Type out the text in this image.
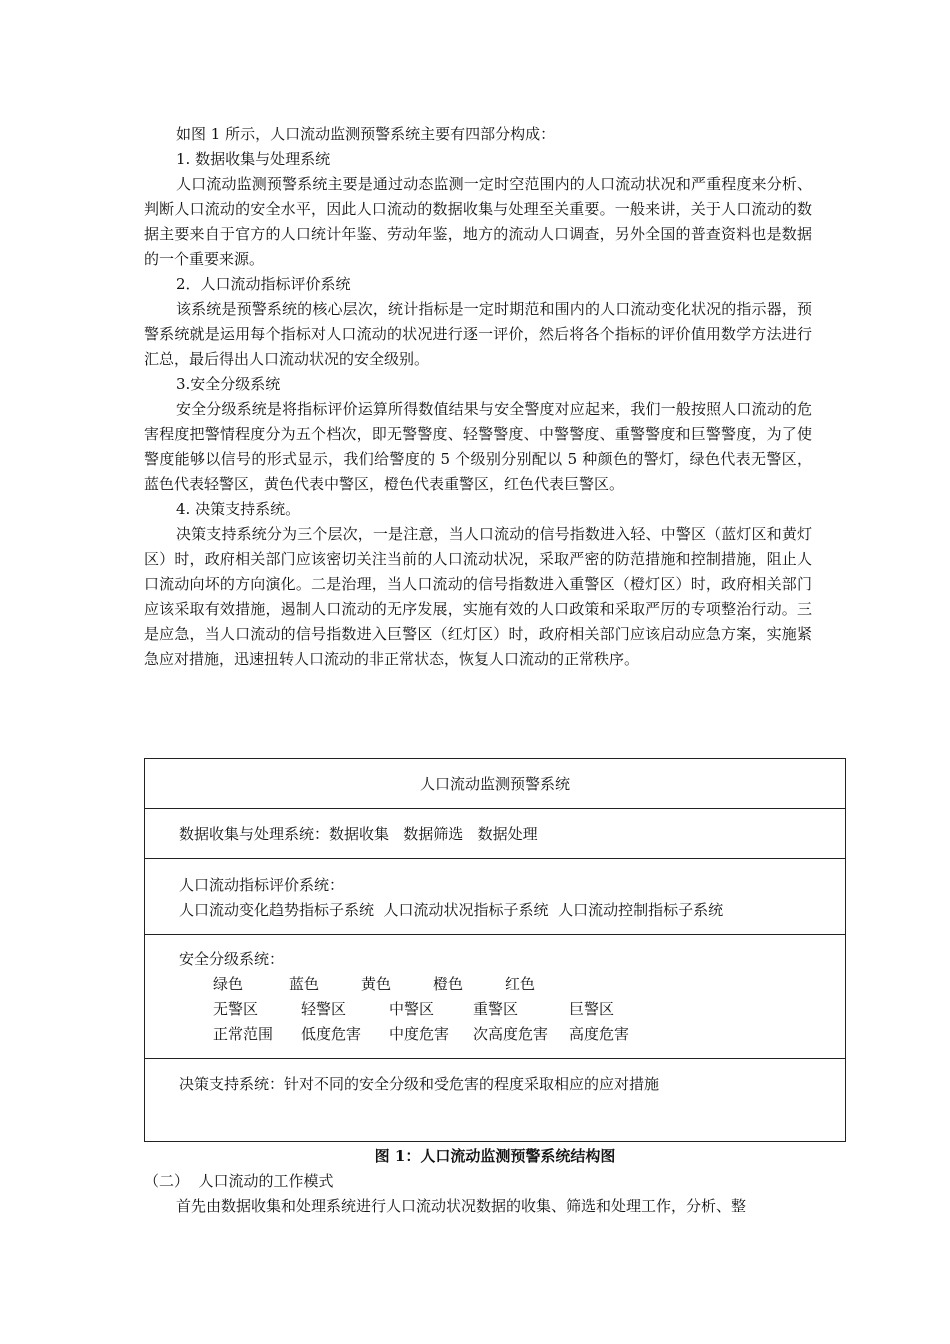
如图 1 所示，人口流动监测预警系统主要有四部分构成：

1. 数据收集与处理系统

人口流动监测预警系统主要是通过动态监测一定时空范围内的人口流动状况和严重程度来分析、判断人口流动的安全水平，因此人口流动的数据收集与处理至关重要。一般来讲，关于人口流动的数据主要来自于官方的人口统计年鉴、劳动年鉴，地方的流动人口调查，另外全国的普查资料也是数据的一个重要来源。

2．人口流动指标评价系统

该系统是预警系统的核心层次，统计指标是一定时期范和围内的人口流动变化状况的指示器，预警系统就是运用每个指标对人口流动的状况进行逐一评价，然后将各个指标的评价值用数学方法进行汇总，最后得出人口流动状况的安全级别。

3.安全分级系统

安全分级系统是将指标评价运算所得数值结果与安全警度对应起来，我们一般按照人口流动的危害程度把警情程度分为五个档次，即无警警度、轻警警度、中警警度、重警警度和巨警警度，为了使警度能够以信号的形式显示，我们给警度的 5 个级别分别配以 5 种颜色的警灯，绿色代表无警区，蓝色代表轻警区，黄色代表中警区，橙色代表重警区，红色代表巨警区。

4. 决策支持系统。

决策支持系统分为三个层次，一是注意，当人口流动的信号指数进入轻、中警区（蓝灯区和黄灯区）时，政府相关部门应该密切关注当前的人口流动状况，采取严密的防范措施和控制措施，阻止人口流动向坏的方向演化。二是治理，当人口流动的信号指数进入重警区（橙灯区）时，政府相关部门应该采取有效措施，遏制人口流动的无序发展，实施有效的人口政策和采取严厉的专项整治行动。三是应急，当人口流动的信号指数进入巨警区（红灯区）时，政府相关部门应该启动应急方案，实施紧急应对措施，迅速扭转人口流动的非正常状态，恢复人口流动的正常秩序。

人口流动监测预警系统
数据收集与处理系统：数据收集   数据筛选   数据处理
人口流动指标评价系统：
人口流动变化趋势指标子系统  人口流动状况指标子系统  人口流动控制指标子系统
安全分级系统：
绿色	蓝色	黄色	橙色	红色
无警区	轻警区	中警区	重警区	巨警区
正常范围	低度危害	中度危害	次高度危害	高度危害
决策支持系统：针对不同的安全分级和受危害的程度采取相应的应对措施
图 1：人口流动监测预警系统结构图

（二）  人口流动的工作模式

首先由数据收集和处理系统进行人口流动状况数据的收集、筛选和处理工作，分析、整
